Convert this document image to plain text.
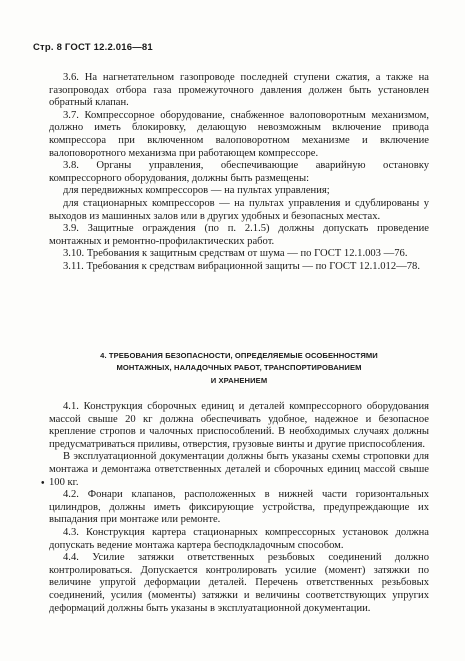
Стр. 8 ГОСТ 12.2.016—81

3.6. На нагнетательном газопроводе последней ступени сжатия, а также на газопроводах отбора газа промежуточного давления должен быть установлен обратный клапан.

3.7. Компрессорное оборудование, снабженное валоповоротным механизмом, должно иметь блокировку, делающую невозможным включение привода компрессора при включенном валоповоротном механизме и включение валоповоротного механизма при работающем компрессоре.

3.8. Органы управления, обеспечивающие аварийную остановку компрессорного оборудования, должны быть размещены:

для передвижных компрессоров — на пультах управления;

для стационарных компрессоров — на пультах управления и сдублированы у выходов из машинных залов или в других удобных и безопасных местах.

3.9. Защитные ограждения (по п. 2.1.5) должны допускать проведение монтажных и ремонтно-профилактических работ.

3.10. Требования к защитным средствам от шума — по ГОСТ 12.1.003 —76.

3.11. Требования к средствам вибрационной защиты — по ГОСТ 12.1.012—78.

4. ТРЕБОВАНИЯ БЕЗОПАСНОСТИ, ОПРЕДЕЛЯЕМЫЕ ОСОБЕННОСТЯМИ
МОНТАЖНЫХ, НАЛАДОЧНЫХ РАБОТ, ТРАНСПОРТИРОВАНИЕМ
И ХРАНЕНИЕМ

4.1. Конструкция сборочных единиц и деталей компрессорного оборудования массой свыше 20 кг должна обеспечивать удобное, надежное и безопасное крепление стропов и чалочных приспособлений. В необходимых случаях должны предусматриваться приливы, отверстия, грузовые винты и другие приспособления.

В эксплуатационной документации должны быть указаны схемы строповки для монтажа и демонтажа ответственных деталей и сборочных единиц массой свыше 100 кг.

4.2. Фонари клапанов, расположенных в нижней части горизонтальных цилиндров, должны иметь фиксирующие устройства, предупреждающие их выпадания при монтаже или ремонте.

4.3. Конструкция картера стационарных компрессорных установок должна допускать ведение монтажа картера бесподкладочным способом.

4.4. Усилие затяжки ответственных резьбовых соединений должно контролироваться. Допускается контролировать усилие (момент) затяжки по величине упругой деформации деталей. Перечень ответственных резьбовых соединений, усилия (моменты) затяжки и величины соответствующих упругих деформаций должны быть указаны в эксплуатационной документации.

•
